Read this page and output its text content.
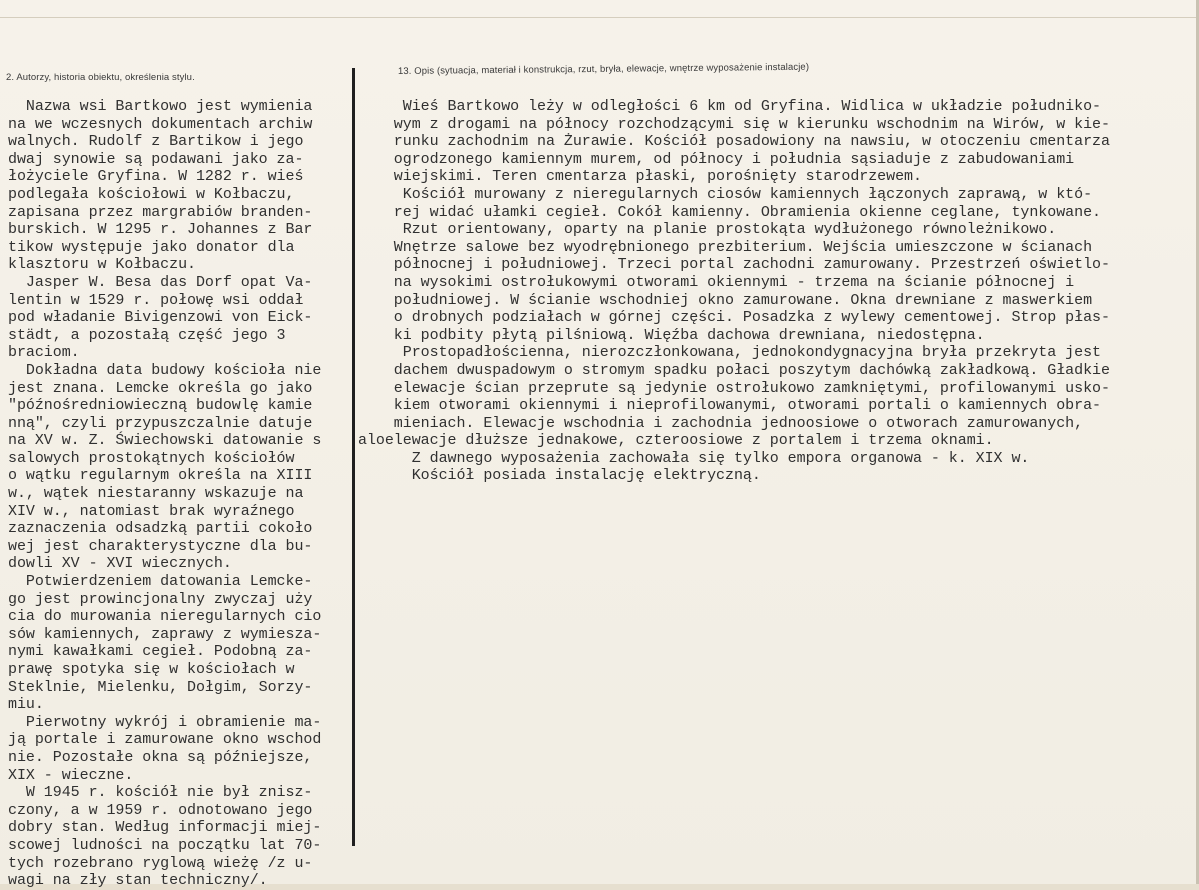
2. Autorzy, historia obiektu, określenia stylu.
13. Opis (sytuacja, materiał i konstrukcja, rzut, bryła, elewacje, wnętrze wyposażenie instalacje)
Nazwa wsi Bartkowo jest wymienia
na we wczesnych dokumentach archiw
walnych. Rudolf z Bartikow i jego
dwaj synowie są podawani jako za-
łożyciele Gryfina. W 1282 r. wieś
podlegała kościołowi w Kołbaczu,
zapisana przez margrabiów branden-
burskich. W 1295 r. Johannes z Bar
tikow występuje jako donator dla
klasztoru w Kołbaczu.
Jasper W. Besa das Dorf opat Va-
lentin w 1529 r. połowę wsi oddał
pod władanie Bivigenzowi von Eick-
städt, a pozostałą część jego 3
braciom.
Dokładna data budowy kościoła nie
jest znana. Lemcke określa go jako
"późnośredniowieczną budowlę kamie
nną", czyli przypuszczalnie datuje
na XV w. Z. Świechowski datowanie s
salowych prostokątnych kościołów
o wątku regularnym określa na XIII
w., wątek niestaranny wskazuje na
XIV w., natomiast brak wyraźnego
zaznaczenia odsadzką partii cokoło
wej jest charakterystyczne dla bu-
dowli XV - XVI wiecznych.
Potwierdzeniem datowania Lemcke-
go jest prowincjonalny zwyczaj uży
cia do murowania nieregularnych cio
sów kamiennych, zaprawy z wymiesza-
nymi kawałkami cegieł. Podobną za-
prawę spotyka się w kościołach w
Steklnie, Mielenku, Dołgim, Sorzy-
miu.
Pierwotny wykrój i obramienie ma-
ją portale i zamurowane okno wschod
nie. Pozostałe okna są późniejsze,
XIX - wieczne.
W 1945 r. kościół nie był znisz-
czony, a w 1959 r. odnotowano jego
dobry stan. Według informacji miej-
scowej ludności na początku lat 70-
tych rozebrano ryglową wieżę /z u-
wagi na zły stan techniczny/.
Wieś Bartkowo leży w odległości 6 km od Gryfina. Widlica w układzie południko-
wym z drogami na północy rozchodzącymi się w kierunku wschodnim na Wirów, w kie-
runku zachodnim na Żurawie. Kościół posadowiony na nawsiu, w otoczeniu cmentarza
ogrodzonego kamiennym murem, od północy i południa sąsiaduje z zabudowaniami
wiejskimi. Teren cmentarza płaski, porośnięty starodrzewem.
Kościół murowany z nieregularnych ciosów kamiennych łączonych zaprawą, w któ-
rej widać ułamki cegieł. Cokół kamienny. Obramienia okienne ceglane, tynkowane.
Rzut orientowany, oparty na planie prostokąta wydłużonego równoleżnikowo.
Wnętrze salowe bez wyodrębnionego prezbiterium. Wejścia umieszczone w ścianach
północnej i południowej. Trzeci portal zachodni zamurowany. Przestrzeń oświetlo-
na wysokimi ostrołukowymi otworami okiennymi - trzema na ścianie północnej i
południowej. W ścianie wschodniej okno zamurowane. Okna drewniane z maswerkiem
o drobnych podziałach w górnej części. Posadzka z wylewy cementowej. Strop płas-
ki podbity płytą pilśniową. Więźba dachowa drewniana, niedostępna.
Prostopadłościenna, nierozczłonkowana, jednokondygnacyjna bryła przekryta jest
dachem dwuspadowym o stromym spadku połaci poszytym dachówką zakładkową. Gładkie
elewacje ścian przeprute są jedynie ostrołukowo zamkniętymi, profilowanymi usko-
kiem otworami okiennymi i nieprofilowanymi, otworami portali o kamiennych obra-
mieniach. Elewacje wschodnia i zachodnia jednoosiowe o otworach zamurowanych,
aloelewacje dłuższe jednakowe, czteroosiowe z portalem i trzema oknami.
Z dawnego wyposażenia zachowała się tylko empora organowa - k. XIX w.
Kościół posiada instalację elektryczną.
